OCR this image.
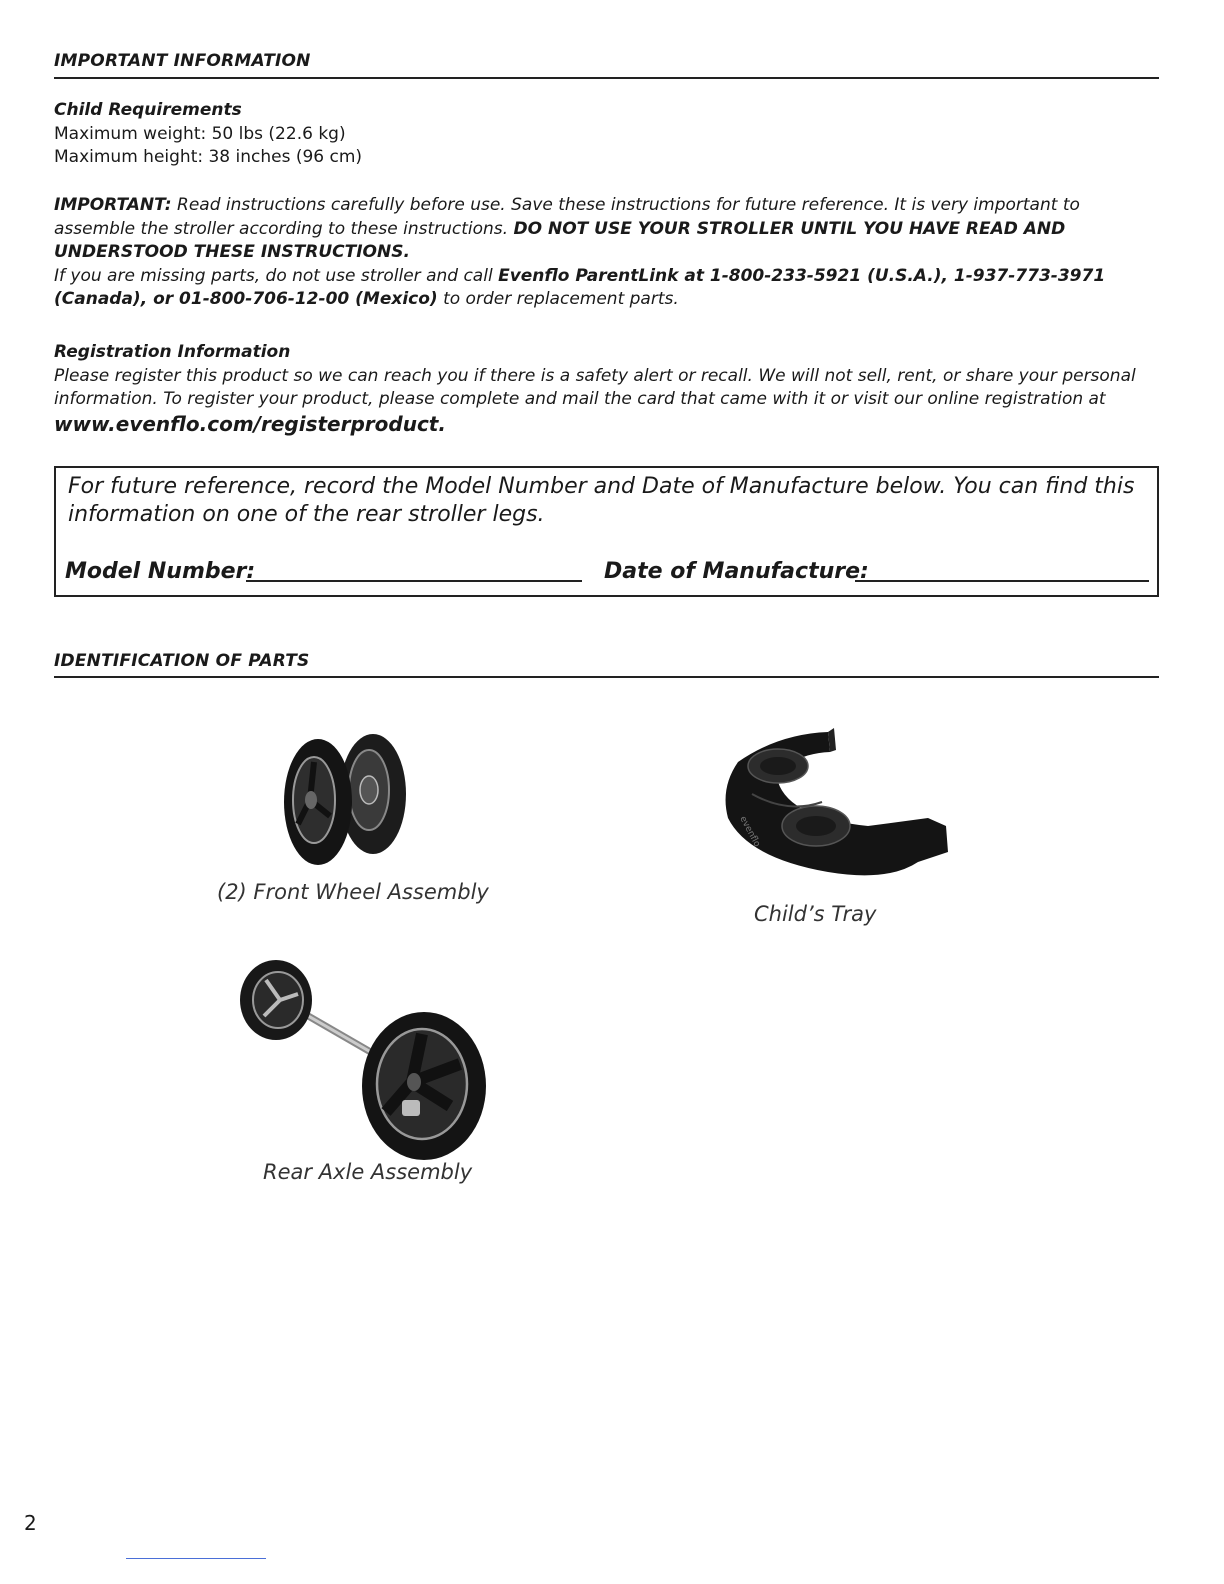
IMPORTANT INFORMATION
Child Requirements
Maximum weight: 50 lbs (22.6 kg)
Maximum height: 38 inches (96 cm)
IMPORTANT: Read instructions carefully before use. Save these instructions for future reference. It is very important to assemble the stroller according to these instructions. DO NOT USE YOUR STROLLER UNTIL YOU HAVE READ AND UNDERSTOOD THESE INSTRUCTIONS.
If you are missing parts, do not use stroller and call Evenflo ParentLink at 1-800-233-5921 (U.S.A.), 1-937-773-3971 (Canada), or 01-800-706-12-00 (Mexico) to order replacement parts.
Registration Information
Please register this product so we can reach you if there is a safety alert or recall. We will not sell, rent, or share your personal information. To register your product, please complete and mail the card that came with it or visit our online registration at
www.evenflo.com/registerproduct.
For future reference, record the Model Number and Date of Manufacture below. You can find this information on one of the rear stroller legs.
Model Number:	Date of Manufacture:
IDENTIFICATION OF PARTS
(2) Front Wheel Assembly
evenflo
Child’s Tray
Rear Axle Assembly
2
